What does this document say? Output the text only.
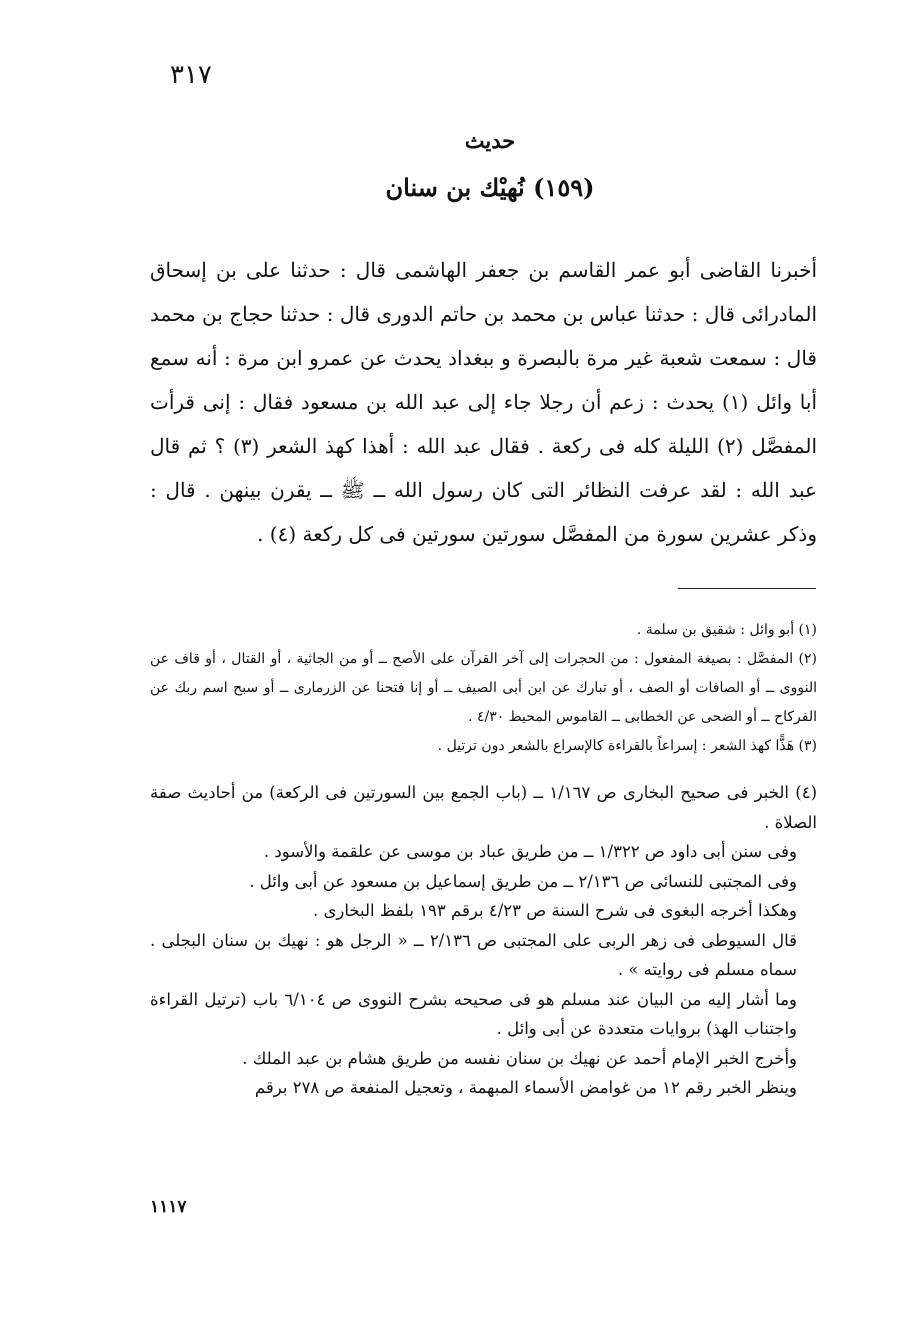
٣١٧
حديث
(١٥٩) نُهيْك بن سنان

أخبرنا القاضى أبو عمر القاسم بن جعفر الهاشمى قال : حدثنا على بن إسحاق المادرائى قال : حدثنا عباس بن محمد بن حاتم الدورى قال : حدثنا حجاج بن محمد قال : سمعت شعبة غير مرة بالبصرة و ببغداد يحدث عن عمرو ابن مرة : أنه سمع أبا وائل (١) يحدث : زعم أن رجلا جاء إلى عبد الله بن مسعود فقال : إنى قرأت المفصَّل (٢) الليلة كله فى ركعة . فقال عبد الله : أهذا كهذ الشعر (٣) ؟ ثم قال عبد الله : لقد عرفت النظائر التى كان رسول الله ــ ﷺ ــ يقرن بينهن . قال : وذكر عشرين سورة من المفصَّل سورتين سورتين فى كل ركعة (٤) .

(١) أبو وائل : شقيق بن سلمة .

(٢) المفصَّل : بصيغة المفعول : من الحجرات إلى آخر القرآن على الأصح ــ أو من الجاثية ، أو القتال ، أو قاف عن النووى ــ أو الصافات أو الصف ، أو تبارك عن ابن أبى الصيف ــ أو إنا فتحنا عن الزرمارى ــ أو سبح اسم ربك عن الفركاح ــ أو الضحى عن الخطابى ــ القاموس المحيط ٤/٣٠ .

(٣) هَذًّا كهذ الشعر : إسراعاً بالقراءة كالإسراع بالشعر دون ترتيل .

(٤) الخبر فى صحيح البخارى ص ١/١٦٧ ــ (باب الجمع بين السورتين فى الركعة) من أحاديث صفة الصلاة .

وفى سنن أبى داود ص ١/٣٢٢ ــ من طريق عباد بن موسى عن علقمة والأسود .

وفى المجتبى للنسائى ص ٢/١٣٦ ــ من طريق إسماعيل بن مسعود عن أبى وائل .

وهكذا أخرجه البغوى فى شرح السنة ص ٤/٢٣ برقم ١٩٣ بلفظ البخارى .

قال السيوطى فى زهر الربى على المجتبى ص ٢/١٣٦ ــ « الرجل هو : نهيك بن سنان البجلى . سماه مسلم فى روايته » .

وما أشار إليه من البيان عند مسلم هو فى صحيحه بشرح النووى ص ٦/١٠٤ باب (ترتيل القراءة واجتناب الهذ) بروايات متعددة عن أبى وائل .

وأخرج الخبر الإمام أحمد عن نهيك بن سنان نفسه من طريق هشام بن عبد الملك .

وينظر الخبر رقم ١٢ من غوامض الأسماء المبهمة ، وتعجيل المنفعة ص ٢٧٨ برقم

١١١٧
